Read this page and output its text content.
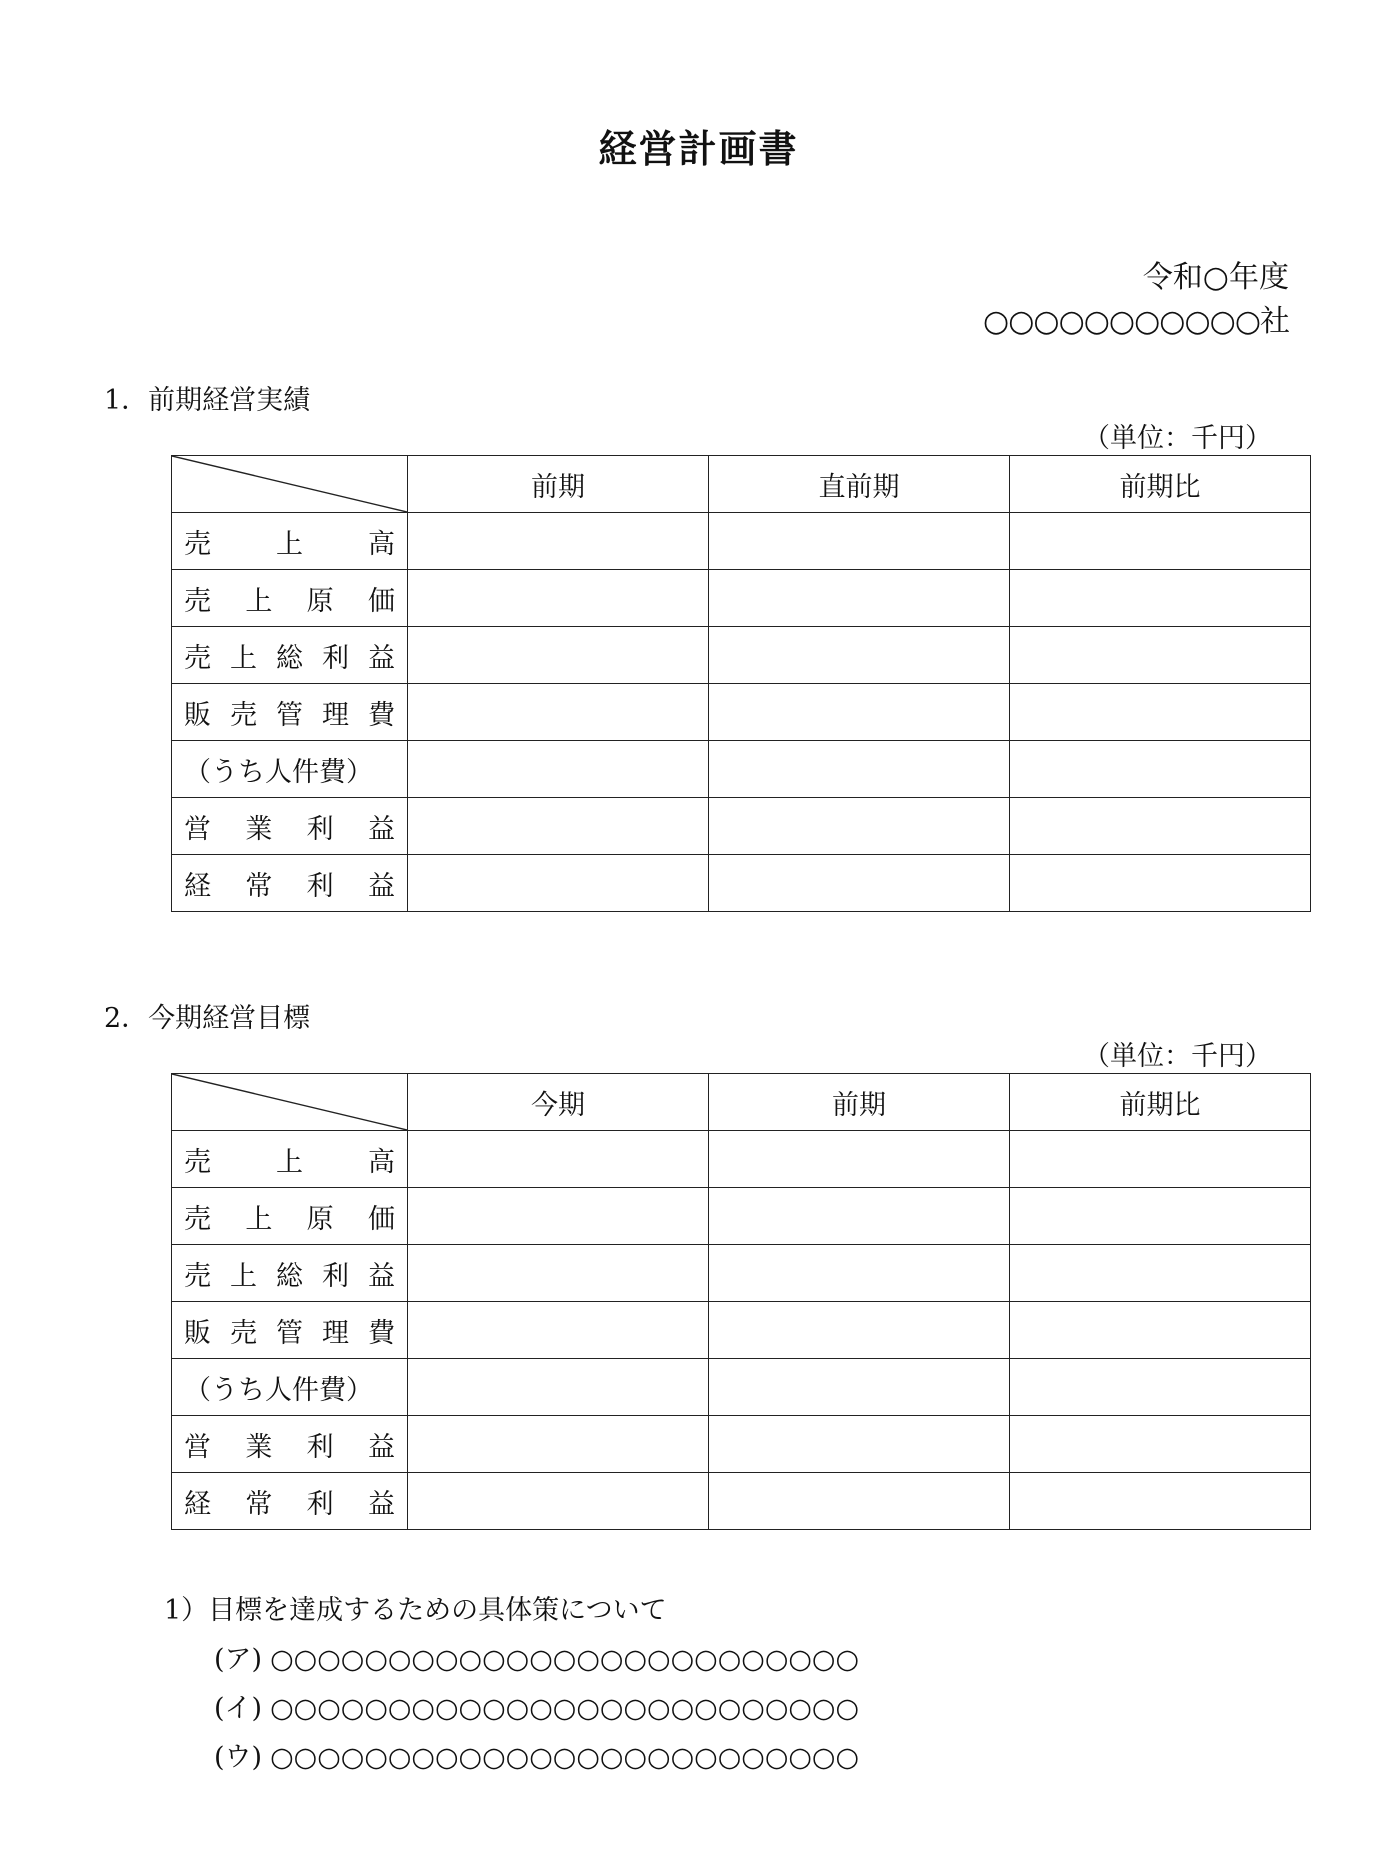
経営計画書
令和○年度
○○○○○○○○○○○社
1．前期経営実績
（単位：千円）
	前期	直前期	前期比

売 上 高			

売 上 原 価			

売 上 総 利 益			

販 売 管 理 費			

（うち人件費）			

営 業 利 益			

経 常 利 益			

2．今期経営目標
（単位：千円）
	今期	前期	前期比

売 上 高			

売 上 原 価			

売 上 総 利 益			

販 売 管 理 費			

（うち人件費）			

営 業 利 益			

経 常 利 益			

1）目標を達成するための具体策について
(ア) ○○○○○○○○○○○○○○○○○○○○○○○○○
(イ) ○○○○○○○○○○○○○○○○○○○○○○○○○
(ウ) ○○○○○○○○○○○○○○○○○○○○○○○○○
